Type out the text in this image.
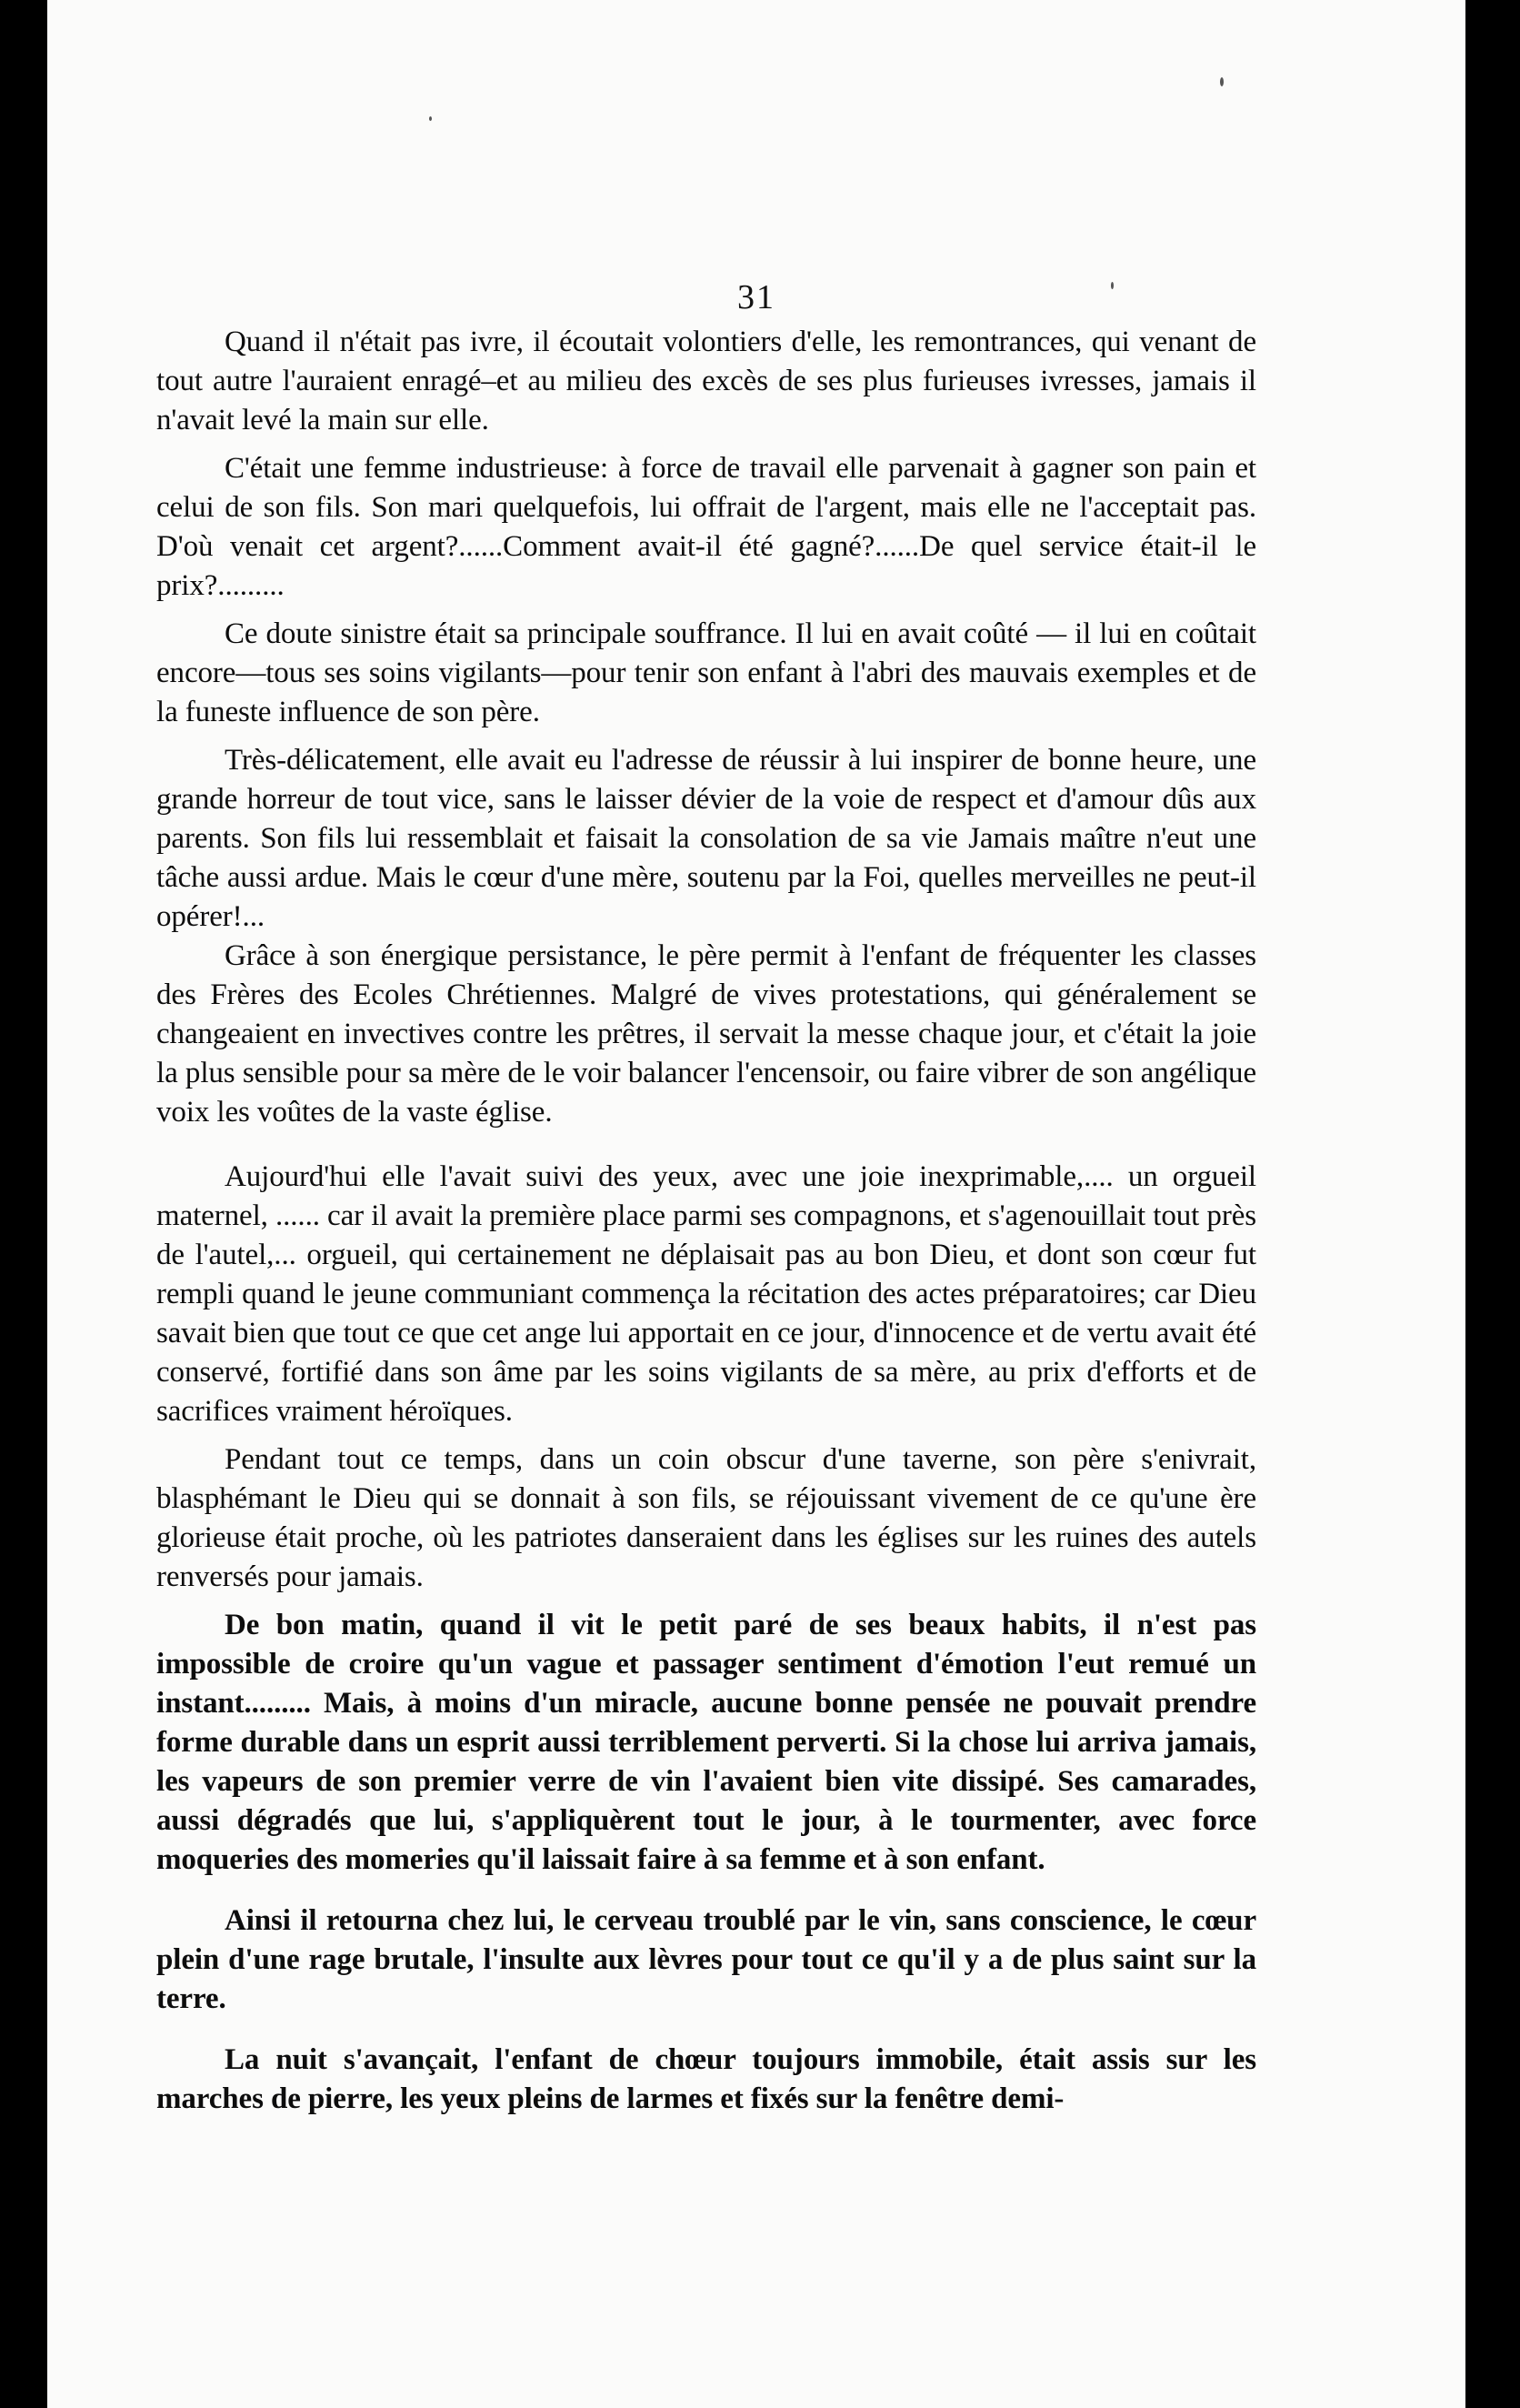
31

Quand il n'était pas ivre, il écoutait volontiers d'elle, les remontrances, qui venant de tout autre l'auraient enragé–et au milieu des excès de ses plus furieuses ivresses, jamais il n'avait levé la main sur elle.

C'était une femme industrieuse: à force de travail elle parvenait à gagner son pain et celui de son fils. Son mari quelquefois, lui offrait de l'argent, mais elle ne l'acceptait pas. D'où venait cet argent?......Comment avait-il été gagné?......De quel service était-il le prix?.........

Ce doute sinistre était sa principale souffrance. Il lui en avait coûté — il lui en coûtait encore—tous ses soins vigilants—pour tenir son enfant à l'abri des mauvais exemples et de la funeste influence de son père.

Très-délicatement, elle avait eu l'adresse de réussir à lui inspirer de bonne heure, une grande horreur de tout vice, sans le laisser dévier de la voie de respect et d'amour dûs aux parents. Son fils lui ressemblait et faisait la consolation de sa vie Jamais maître n'eut une tâche aussi ardue. Mais le cœur d'une mère, soutenu par la Foi, quelles merveilles ne peut-il opérer!...

Grâce à son énergique persistance, le père permit à l'enfant de fréquenter les classes des Frères des Ecoles Chrétiennes. Malgré de vives protestations, qui généralement se changeaient en invectives contre les prêtres, il servait la messe chaque jour, et c'était la joie la plus sensible pour sa mère de le voir balancer l'encensoir, ou faire vibrer de son angélique voix les voûtes de la vaste église.

Aujourd'hui elle l'avait suivi des yeux, avec une joie inexprimable,.... un orgueil maternel, ...... car il avait la première place parmi ses compagnons, et s'agenouillait tout près de l'autel,... orgueil, qui certainement ne déplaisait pas au bon Dieu, et dont son cœur fut rempli quand le jeune communiant commença la récitation des actes préparatoires; car Dieu savait bien que tout ce que cet ange lui apportait en ce jour, d'innocence et de vertu avait été conservé, fortifié dans son âme par les soins vigilants de sa mère, au prix d'efforts et de sacrifices vraiment héroïques.

Pendant tout ce temps, dans un coin obscur d'une taverne, son père s'enivrait, blasphémant le Dieu qui se donnait à son fils, se réjouissant vivement de ce qu'une ère glorieuse était proche, où les patriotes danseraient dans les églises sur les ruines des autels renversés pour jamais.

De bon matin, quand il vit le petit paré de ses beaux habits, il n'est pas impossible de croire qu'un vague et passager sentiment d'émotion l'eut remué un instant......... Mais, à moins d'un miracle, aucune bonne pensée ne pouvait prendre forme durable dans un esprit aussi terriblement perverti. Si la chose lui arriva jamais, les vapeurs de son premier verre de vin l'avaient bien vite dissipé. Ses camarades, aussi dégradés que lui, s'appliquèrent tout le jour, à le tourmenter, avec force moqueries des momeries qu'il laissait faire à sa femme et à son enfant.

Ainsi il retourna chez lui, le cerveau troublé par le vin, sans conscience, le cœur plein d'une rage brutale, l'insulte aux lèvres pour tout ce qu'il y a de plus saint sur la terre.

La nuit s'avançait, l'enfant de chœur toujours immobile, était assis sur les marches de pierre, les yeux pleins de larmes et fixés sur la fenêtre demi-
